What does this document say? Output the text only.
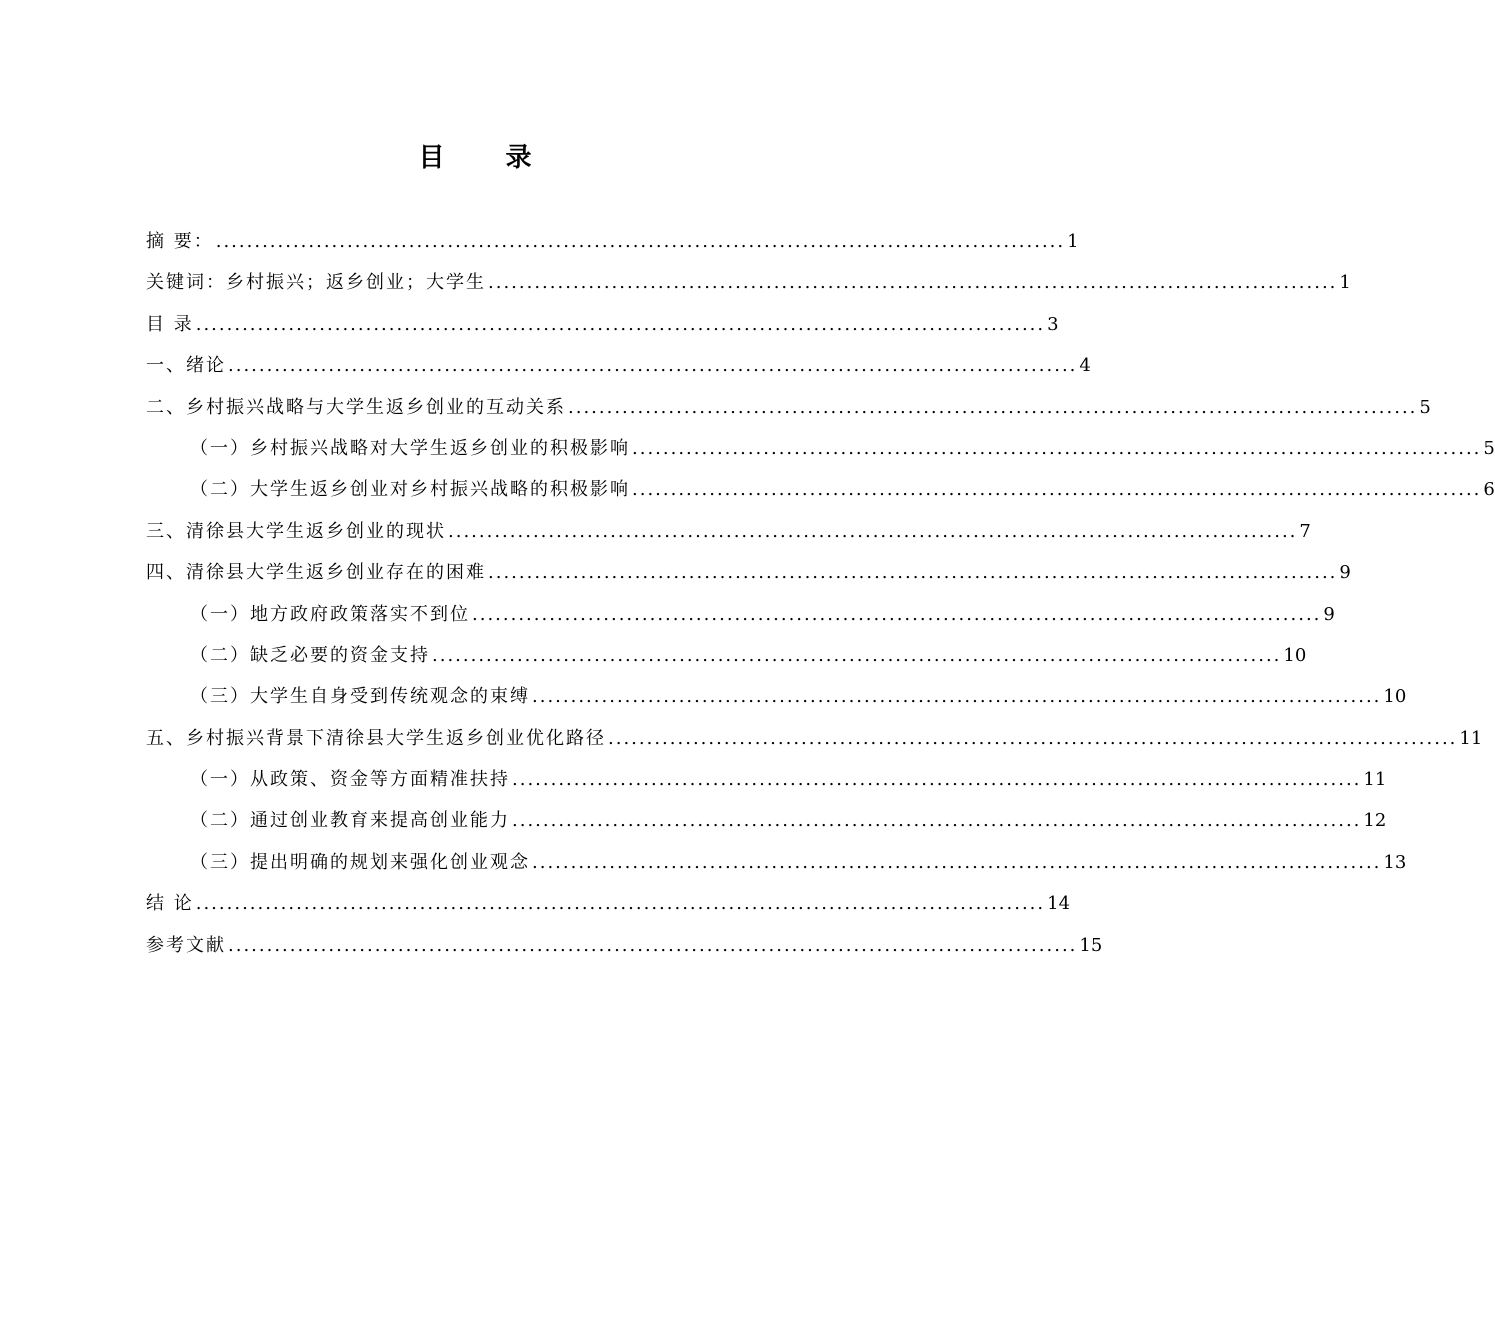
目 录
摘 要： .............................................................................................................. 1
关键词：乡村振兴；返乡创业；大学生 .............................................................................................................. 1
目 录 .............................................................................................................. 3
一、绪论 .............................................................................................................. 4
二、乡村振兴战略与大学生返乡创业的互动关系 .............................................................................................................. 5
（一）乡村振兴战略对大学生返乡创业的积极影响 .............................................................................................................. 5
（二）大学生返乡创业对乡村振兴战略的积极影响 .............................................................................................................. 6
三、清徐县大学生返乡创业的现状 .............................................................................................................. 7
四、清徐县大学生返乡创业存在的困难 .............................................................................................................. 9
（一）地方政府政策落实不到位 .............................................................................................................. 9
（二）缺乏必要的资金支持 .............................................................................................................. 10
（三）大学生自身受到传统观念的束缚 .............................................................................................................. 10
五、乡村振兴背景下清徐县大学生返乡创业优化路径 .............................................................................................................. 11
（一）从政策、资金等方面精准扶持 .............................................................................................................. 11
（二）通过创业教育来提高创业能力 .............................................................................................................. 12
（三）提出明确的规划来强化创业观念 .............................................................................................................. 13
结 论 .............................................................................................................. 14
参考文献 .............................................................................................................. 15
